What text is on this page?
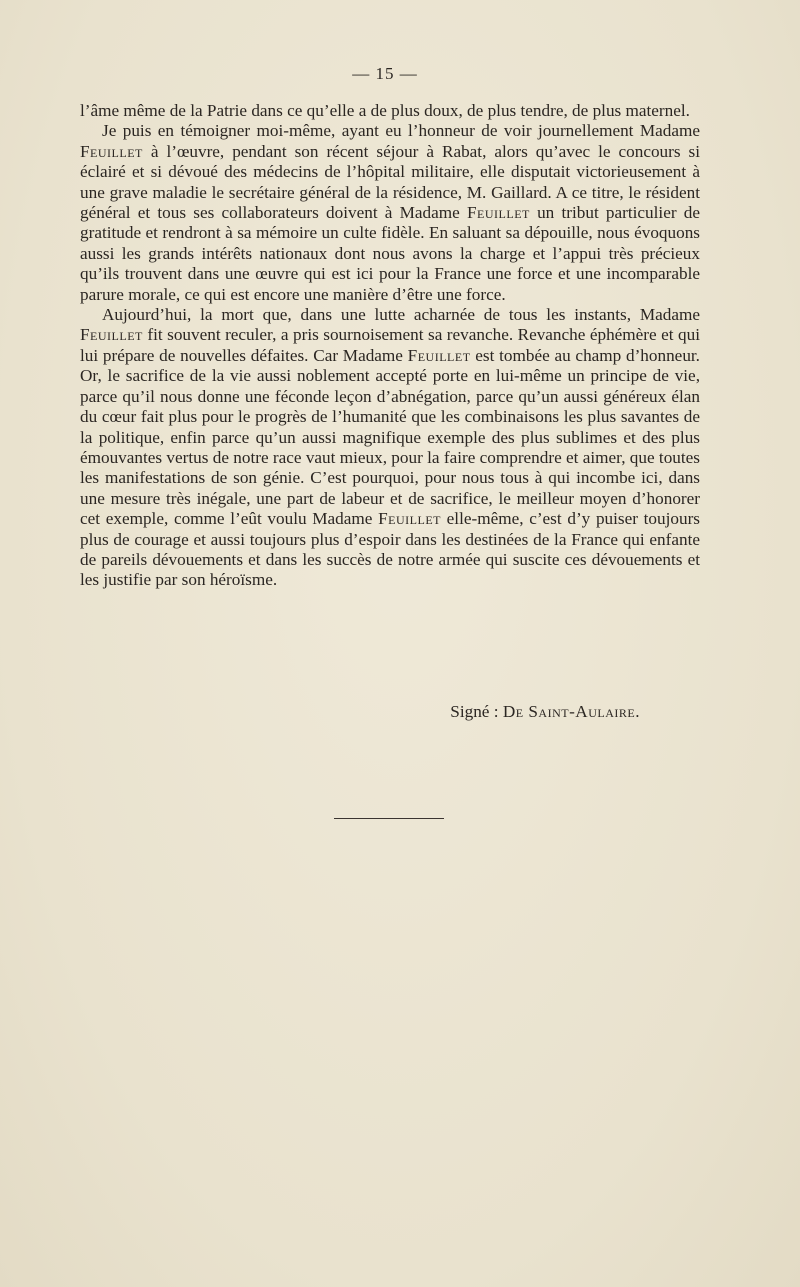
— 15 —

l’âme même de la Patrie dans ce qu’elle a de plus doux, de plus tendre, de plus maternel.

Je puis en témoigner moi-même, ayant eu l’honneur de voir journellement Madame Feuillet à l’œuvre, pendant son récent séjour à Rabat, alors qu’avec le concours si éclairé et si dévoué des médecins de l’hôpital militaire, elle disputait victorieusement à une grave maladie le secrétaire général de la résidence, M. Gaillard. A ce titre, le résident général et tous ses collaborateurs doivent à Madame Feuillet un tribut particulier de gratitude et rendront à sa mémoire un culte fidèle. En saluant sa dépouille, nous évoquons aussi les grands intérêts nationaux dont nous avons la charge et l’appui très précieux qu’ils trouvent dans une œuvre qui est ici pour la France une force et une incomparable parure morale, ce qui est encore une manière d’être une force.

Aujourd’hui, la mort que, dans une lutte acharnée de tous les instants, Madame Feuillet fit souvent reculer, a pris sournoisement sa revanche. Revanche éphémère et qui lui prépare de nouvelles défaites. Car Madame Feuillet est tombée au champ d’honneur. Or, le sacrifice de la vie aussi noblement accepté porte en lui-même un principe de vie, parce qu’il nous donne une féconde leçon d’abnégation, parce qu’un aussi généreux élan du cœur fait plus pour le progrès de l’humanité que les combinaisons les plus savantes de la politique, enfin parce qu’un aussi magnifique exemple des plus sublimes et des plus émouvantes vertus de notre race vaut mieux, pour la faire comprendre et aimer, que toutes les manifestations de son génie. C’est pourquoi, pour nous tous à qui incombe ici, dans une mesure très inégale, une part de labeur et de sacrifice, le meilleur moyen d’honorer cet exemple, comme l’eût voulu Madame Feuillet elle-même, c’est d’y puiser toujours plus de courage et aussi toujours plus d’espoir dans les destinées de la France qui enfante de pareils dévouements et dans les succès de notre armée qui suscite ces dévouements et les justifie par son héroïsme.

Signé : De Saint-Aulaire.
